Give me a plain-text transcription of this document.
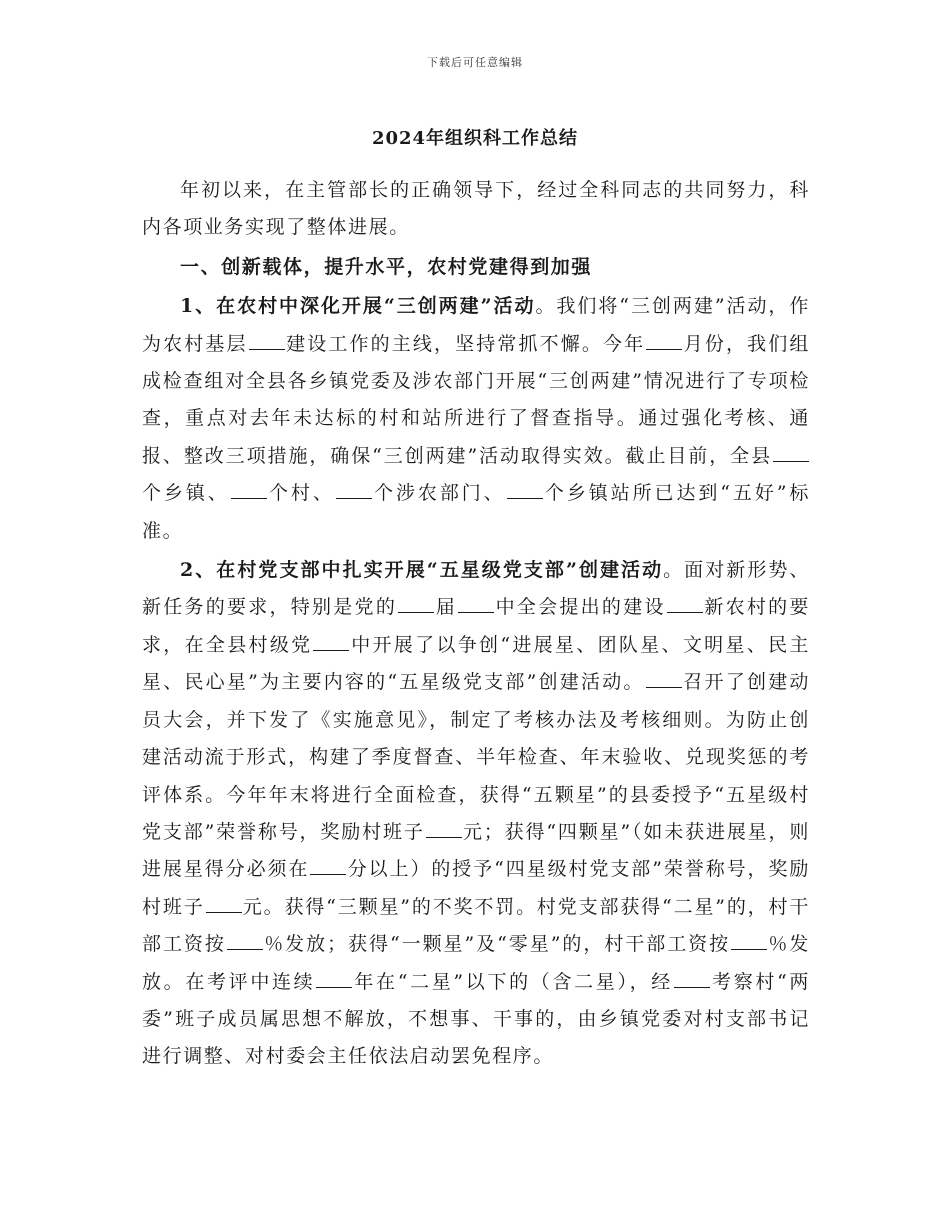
下载后可任意编辑
2024年组织科工作总结

年初以来，在主管部长的正确领导下，经过全科同志的共同努力，科内各项业务实现了整体进展。

一、创新载体，提升水平，农村党建得到加强

1、在农村中深化开展“三创两建”活动。我们将“三创两建”活动，作为农村基层 建设工作的主线，坚持常抓不懈。今年 月份，我们组成检查组对全县各乡镇党委及涉农部门开展“三创两建”情况进行了专项检查，重点对去年未达标的村和站所进行了督查指导。通过强化考核、通报、整改三项措施，确保“三创两建”活动取得实效。截止目前，全县个乡镇、 个村、 个涉农部门、 个乡镇站所已达到“五好”标准。

2、在村党支部中扎实开展“五星级党支部”创建活动。面对新形势、新任务的要求，特别是党的 届 中全会提出的建设 新农村的要求，在全县村级党 中开展了以争创“进展星、团队星、文明星、民主星、民心星”为主要内容的“五星级党支部”创建活动。 召开了创建动员大会，并下发了《实施意见》，制定了考核办法及考核细则。为防止创建活动流于形式，构建了季度督查、半年检查、年末验收、兑现奖惩的考评体系。今年年末将进行全面检查，获得“五颗星”的县委授予“五星级村党支部”荣誉称号，奖励村班子 元；获得“四颗星”（如未获进展星，则进展星得分必须在 分以上）的授予“四星级村党支部”荣誉称号，奖励村班子 元。获得“三颗星”的不奖不罚。村党支部获得“二星”的，村干部工资按 ％发放；获得“一颗星”及“零星”的，村干部工资按 ％发放。在考评中连续 年在“二星”以下的（含二星），经 考察村“两委”班子成员属思想不解放，不想事、干事的，由乡镇党委对村支部书记进行调整、对村委会主任依法启动罢免程序。
